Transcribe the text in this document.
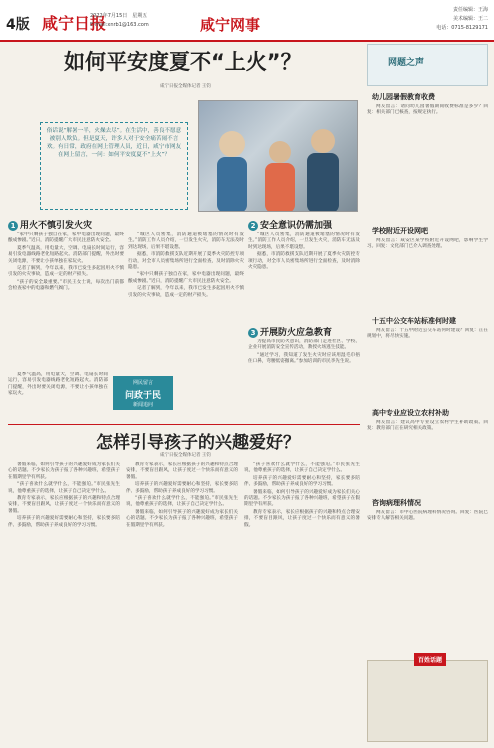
4版 咸宁日报
2022年7月15日　星期五
E-mail:xnrb1@163.com	咸宁网事
责任编辑：王海
美术编辑：王二
电话：0715-8129171
如何平安度夏不“上火”？
咸宁日报全媒体记者 王钧
俗话说“解暑一半，火燥去尽”。在生活中，善良不愿意被别人欺负。但是夏天，许多人对于安全痛苦闹不言欢。有日常，政府在网上管理人员，近日，咸宁市网友在网上留言，一问：如何平安度夏不“上火”？
1 用火不慎引发火灾

“家中只剩孩子独自在家，家中电器出现问题，最终酿成惨剧。”近日，消防提醒广大市民注意防火安全。

夏季气温高，用电量大，空调、电扇长时间运行，容易引发电器线路老化短路起火。消防部门提醒，外出时要关闭电源，不要让小孩单独在家玩火。

记者了解到，今年以来，我市已发生多起因用火不慎引发的火灾事故，造成一定的财产损失。

“孩子的安全最重要。”市民王女士说，每次出门前都会检查家中的电器和燃气阀门。

夏季气温高，用电量大，空调、电扇长时间运行，容易引发电器线路老化短路起火。消防部门提醒，外出时要关闭电源，不要让小孩单独在家玩火。

网民留言
问政于民
新闻追问

“城区人员密集，消防通道被堵塞的情况时有发生。”消防工作人员介绍，一旦发生火灾，消防车无法及时到达现场，后果不堪设想。

据悉，市消防救援支队近期开展了夏季火灾防控专项行动，对全市人员密集场所进行全面检查，及时消除火灾隐患。

“家中只剩孩子独自在家，家中电器出现问题，最终酿成惨剧。”近日，消防提醒广大市民注意防火安全。

记者了解到，今年以来，我市已发生多起因用火不慎引发的火灾事故，造成一定的财产损失。

2 安全意识仍需加强

“城区人员密集，消防通道被堵塞的情况时有发生。”消防工作人员介绍，一旦发生火灾，消防车无法及时到达现场，后果不堪设想。

据悉，市消防救援支队近期开展了夏季火灾防控专项行动，对全市人员密集场所进行全面检查，及时消除火灾隐患。

3 开展防火应急教育

为提高市民防火意识，消防部门走进社区、学校、企业开展消防安全宣传活动，教授火场逃生技能。

“通过学习，我知道了发生火灾时应该用湿毛巾捂住口鼻，弯腰低姿撤离。”参加培训的市民李先生说。

怎样引导孩子的兴趣爱好？
咸宁日报全媒体记者 王钧

暑假来临，如何引导孩子的兴趣爱好成为家长们关心的话题。不少家长为孩子报了各种兴趣班，希望孩子在假期里学有所获。

“孩子喜欢什么就学什么，不能强迫。”市民张先生说，他尊重孩子的选择，让孩子自己决定学什么。

教育专家表示，家长应根据孩子的兴趣和特点合理安排，不要盲目跟风，让孩子度过一个快乐而有意义的暑假。

培养孩子的兴趣爱好需要耐心和坚持，家长要多陪伴、多鼓励，帮助孩子养成良好的学习习惯。

教育专家表示，家长应根据孩子的兴趣和特点合理安排，不要盲目跟风，让孩子度过一个快乐而有意义的暑假。

培养孩子的兴趣爱好需要耐心和坚持，家长要多陪伴、多鼓励，帮助孩子养成良好的学习习惯。

“孩子喜欢什么就学什么，不能强迫。”市民张先生说，他尊重孩子的选择，让孩子自己决定学什么。

暑假来临，如何引导孩子的兴趣爱好成为家长们关心的话题。不少家长为孩子报了各种兴趣班，希望孩子在假期里学有所获。

“孩子喜欢什么就学什么，不能强迫。”市民张先生说，他尊重孩子的选择，让孩子自己决定学什么。

培养孩子的兴趣爱好需要耐心和坚持，家长要多陪伴、多鼓励，帮助孩子养成良好的学习习惯。

暑假来临，如何引导孩子的兴趣爱好成为家长们关心的话题。不少家长为孩子报了各种兴趣班，希望孩子在假期里学有所获。

教育专家表示，家长应根据孩子的兴趣和特点合理安排，不要盲目跟风，让孩子度过一个快乐而有意义的暑假。

网题之声
幼儿园暑假教育收费

网友留言：请问幼儿园暑假期间收费标准是多少？回复：相关部门已核查，按规定执行。

学校附近开设网吧

网友留言：咸安区某学校附近开设网吧，影响学生学习。回复：文化部门已介入调查处理。

十五中公交车站标准何时建

网友留言：十五中附近公交车站何时建设？回复：正在规划中，将尽快实施。

高中专业应设立农村补助

网友留言：建议高中专业设立农村学生补助政策。回复：教育部门正在研究相关政策。

咨询病理科情况

网友留言：市中心医院病理科情况咨询。回复：医院已安排专人解答相关问题。

百姓话题
